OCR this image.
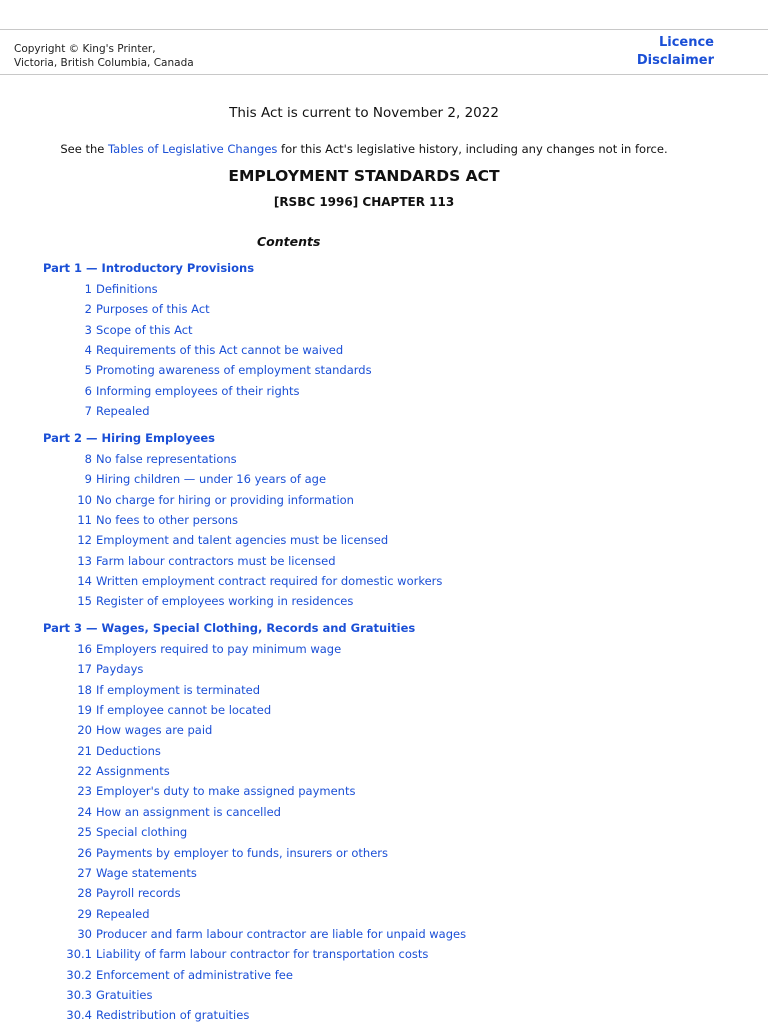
Copyright © King's Printer,
Victoria, British Columbia, Canada
Licence
Disclaimer
This Act is current to November 2, 2022
See the Tables of Legislative Changes for this Act's legislative history, including any changes not in force.
EMPLOYMENT STANDARDS ACT
[RSBC 1996] CHAPTER 113
Contents
Part 1 — Introductory Provisions
1 Definitions
2 Purposes of this Act
3 Scope of this Act
4 Requirements of this Act cannot be waived
5 Promoting awareness of employment standards
6 Informing employees of their rights
7 Repealed
Part 2 — Hiring Employees
8 No false representations
9 Hiring children — under 16 years of age
10 No charge for hiring or providing information
11 No fees to other persons
12 Employment and talent agencies must be licensed
13 Farm labour contractors must be licensed
14 Written employment contract required for domestic workers
15 Register of employees working in residences
Part 3 — Wages, Special Clothing, Records and Gratuities
16 Employers required to pay minimum wage
17 Paydays
18 If employment is terminated
19 If employee cannot be located
20 How wages are paid
21 Deductions
22 Assignments
23 Employer's duty to make assigned payments
24 How an assignment is cancelled
25 Special clothing
26 Payments by employer to funds, insurers or others
27 Wage statements
28 Payroll records
29 Repealed
30 Producer and farm labour contractor are liable for unpaid wages
30.1 Liability of farm labour contractor for transportation costs
30.2 Enforcement of administrative fee
30.3 Gratuities
30.4 Redistribution of gratuities
